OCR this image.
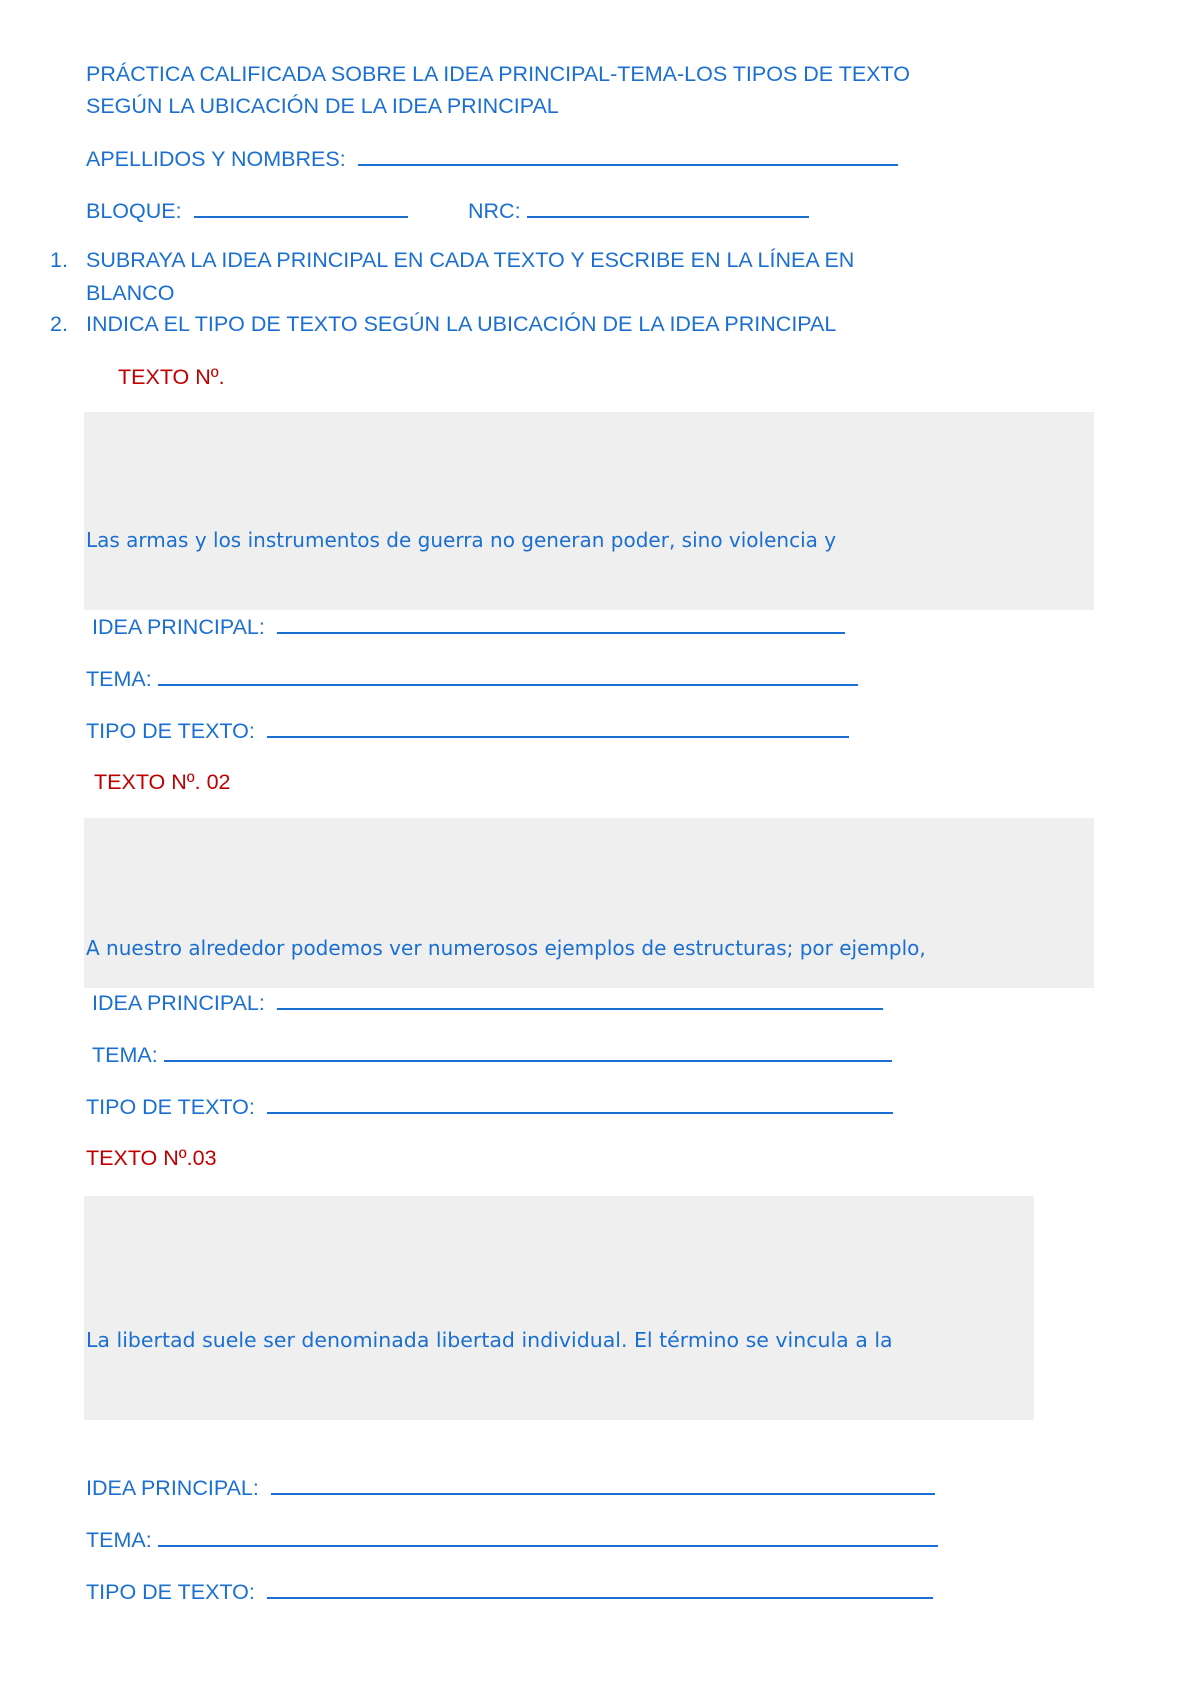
PRÁCTICA CALIFICADA SOBRE LA IDEA PRINCIPAL-TEMA-LOS TIPOS DE TEXTO
SEGÚN LA UBICACIÓN DE LA IDEA PRINCIPAL
APELLIDOS Y NOMBRES:
BLOQUE:	NRC:
1. SUBRAYA LA IDEA PRINCIPAL EN CADA TEXTO Y ESCRIBE EN LA LÍNEA EN
BLANCO
2. INDICA EL TIPO DE TEXTO SEGÚN LA UBICACIÓN DE LA IDEA PRINCIPAL
TEXTO Nº.

Las armas y los instrumentos de guerra no generan poder, sino violencia y

IDEA PRINCIPAL:
TEMA:
TIPO DE TEXTO:
TEXTO Nº. 02

A nuestro alrededor podemos ver numerosos ejemplos de estructuras; por ejemplo,

IDEA PRINCIPAL:
TEMA:
TIPO DE TEXTO:
TEXTO Nº.03

La libertad suele ser denominada libertad individual. El término se vincula a la

IDEA PRINCIPAL:
TEMA:
TIPO DE TEXTO:
